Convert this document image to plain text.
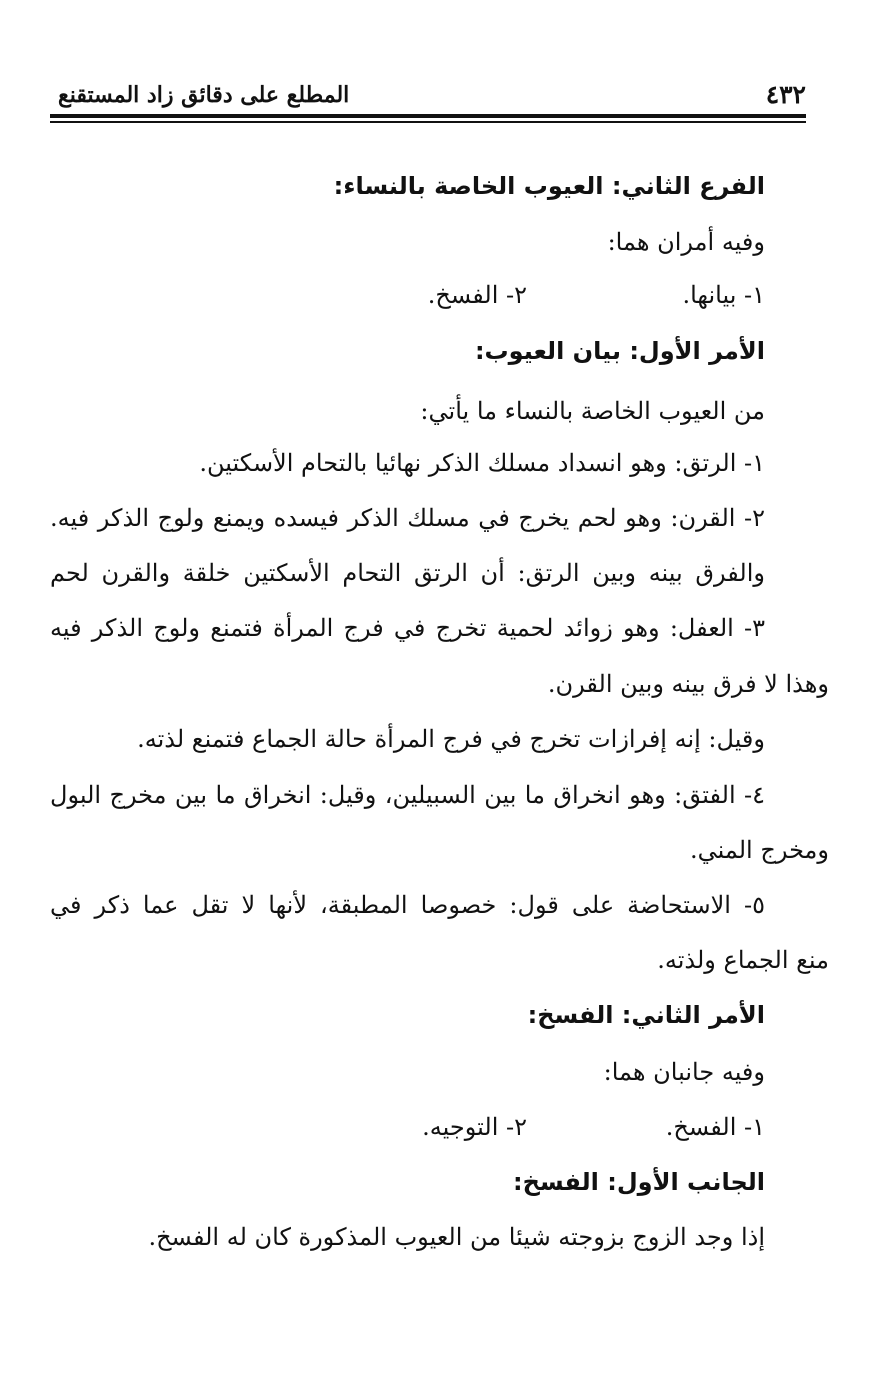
٤٣٢
المطلع على دقائق زاد المستقنع
الفرع الثاني: العيوب الخاصة بالنساء:
وفيه أمران هما:
١- بيانها.
٢- الفسخ.
الأمر الأول: بيان العيوب:
من العيوب الخاصة بالنساء ما يأتي:
١- الرتق: وهو انسداد مسلك الذكر نهائيا بالتحام الأسكتين.
٢- القرن: وهو لحم يخرج في مسلك الذكر فيسده ويمنع ولوج الذكر فيه.
والفرق بينه وبين الرتق: أن الرتق التحام الأسكتين خلقة والقرن لحم
٣- العفل: وهو زوائد لحمية تخرج في فرج المرأة فتمنع ولوج الذكر فيه
وهذا لا فرق بينه وبين القرن.
وقيل: إنه إفرازات تخرج في فرج المرأة حالة الجماع فتمنع لذته.
٤- الفتق: وهو انخراق ما بين السبيلين، وقيل: انخراق ما بين مخرج البول
ومخرج المني.
٥- الاستحاضة على قول: خصوصا المطبقة، لأنها لا تقل عما ذكر في
منع الجماع ولذته.
الأمر الثاني: الفسخ:
وفيه جانبان هما:
١- الفسخ.
٢- التوجيه.
الجانب الأول: الفسخ:
إذا وجد الزوج بزوجته شيئا من العيوب المذكورة كان له الفسخ.
